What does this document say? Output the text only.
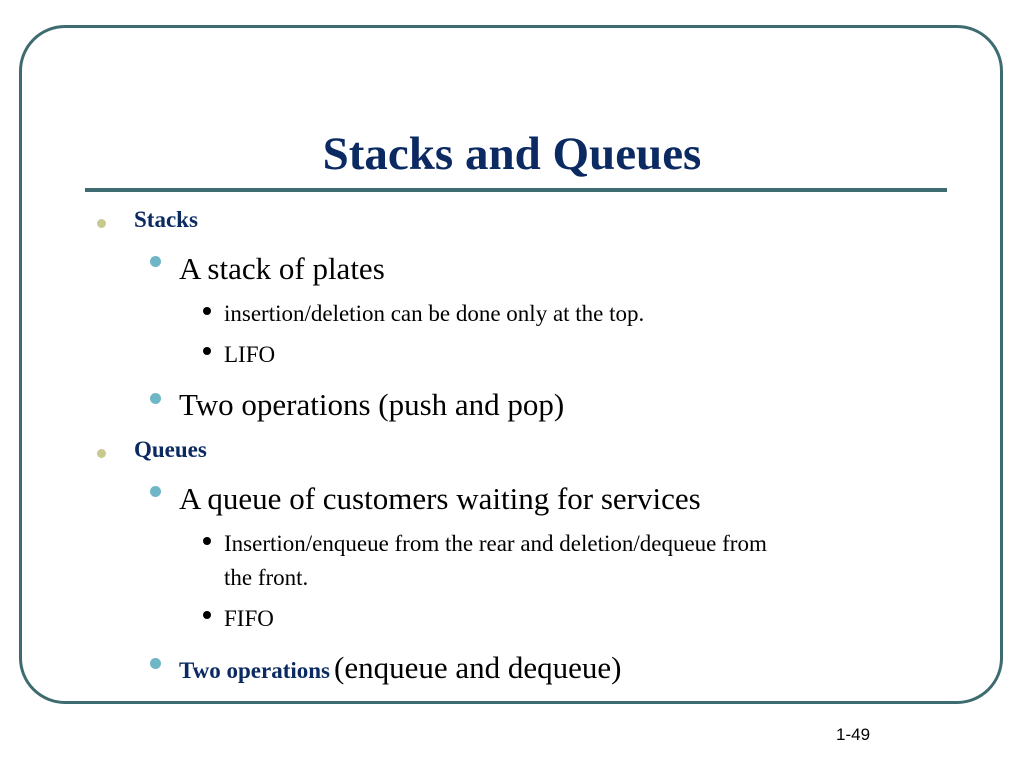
Stacks and Queues
Stacks
A stack of plates
insertion/deletion can be done only at the top.
LIFO
Two operations (push and pop)
Queues
A queue of customers waiting for services
Insertion/enqueue from the rear and deletion/dequeue from
the front.
FIFO
Two operations (enqueue and dequeue)
1-49
